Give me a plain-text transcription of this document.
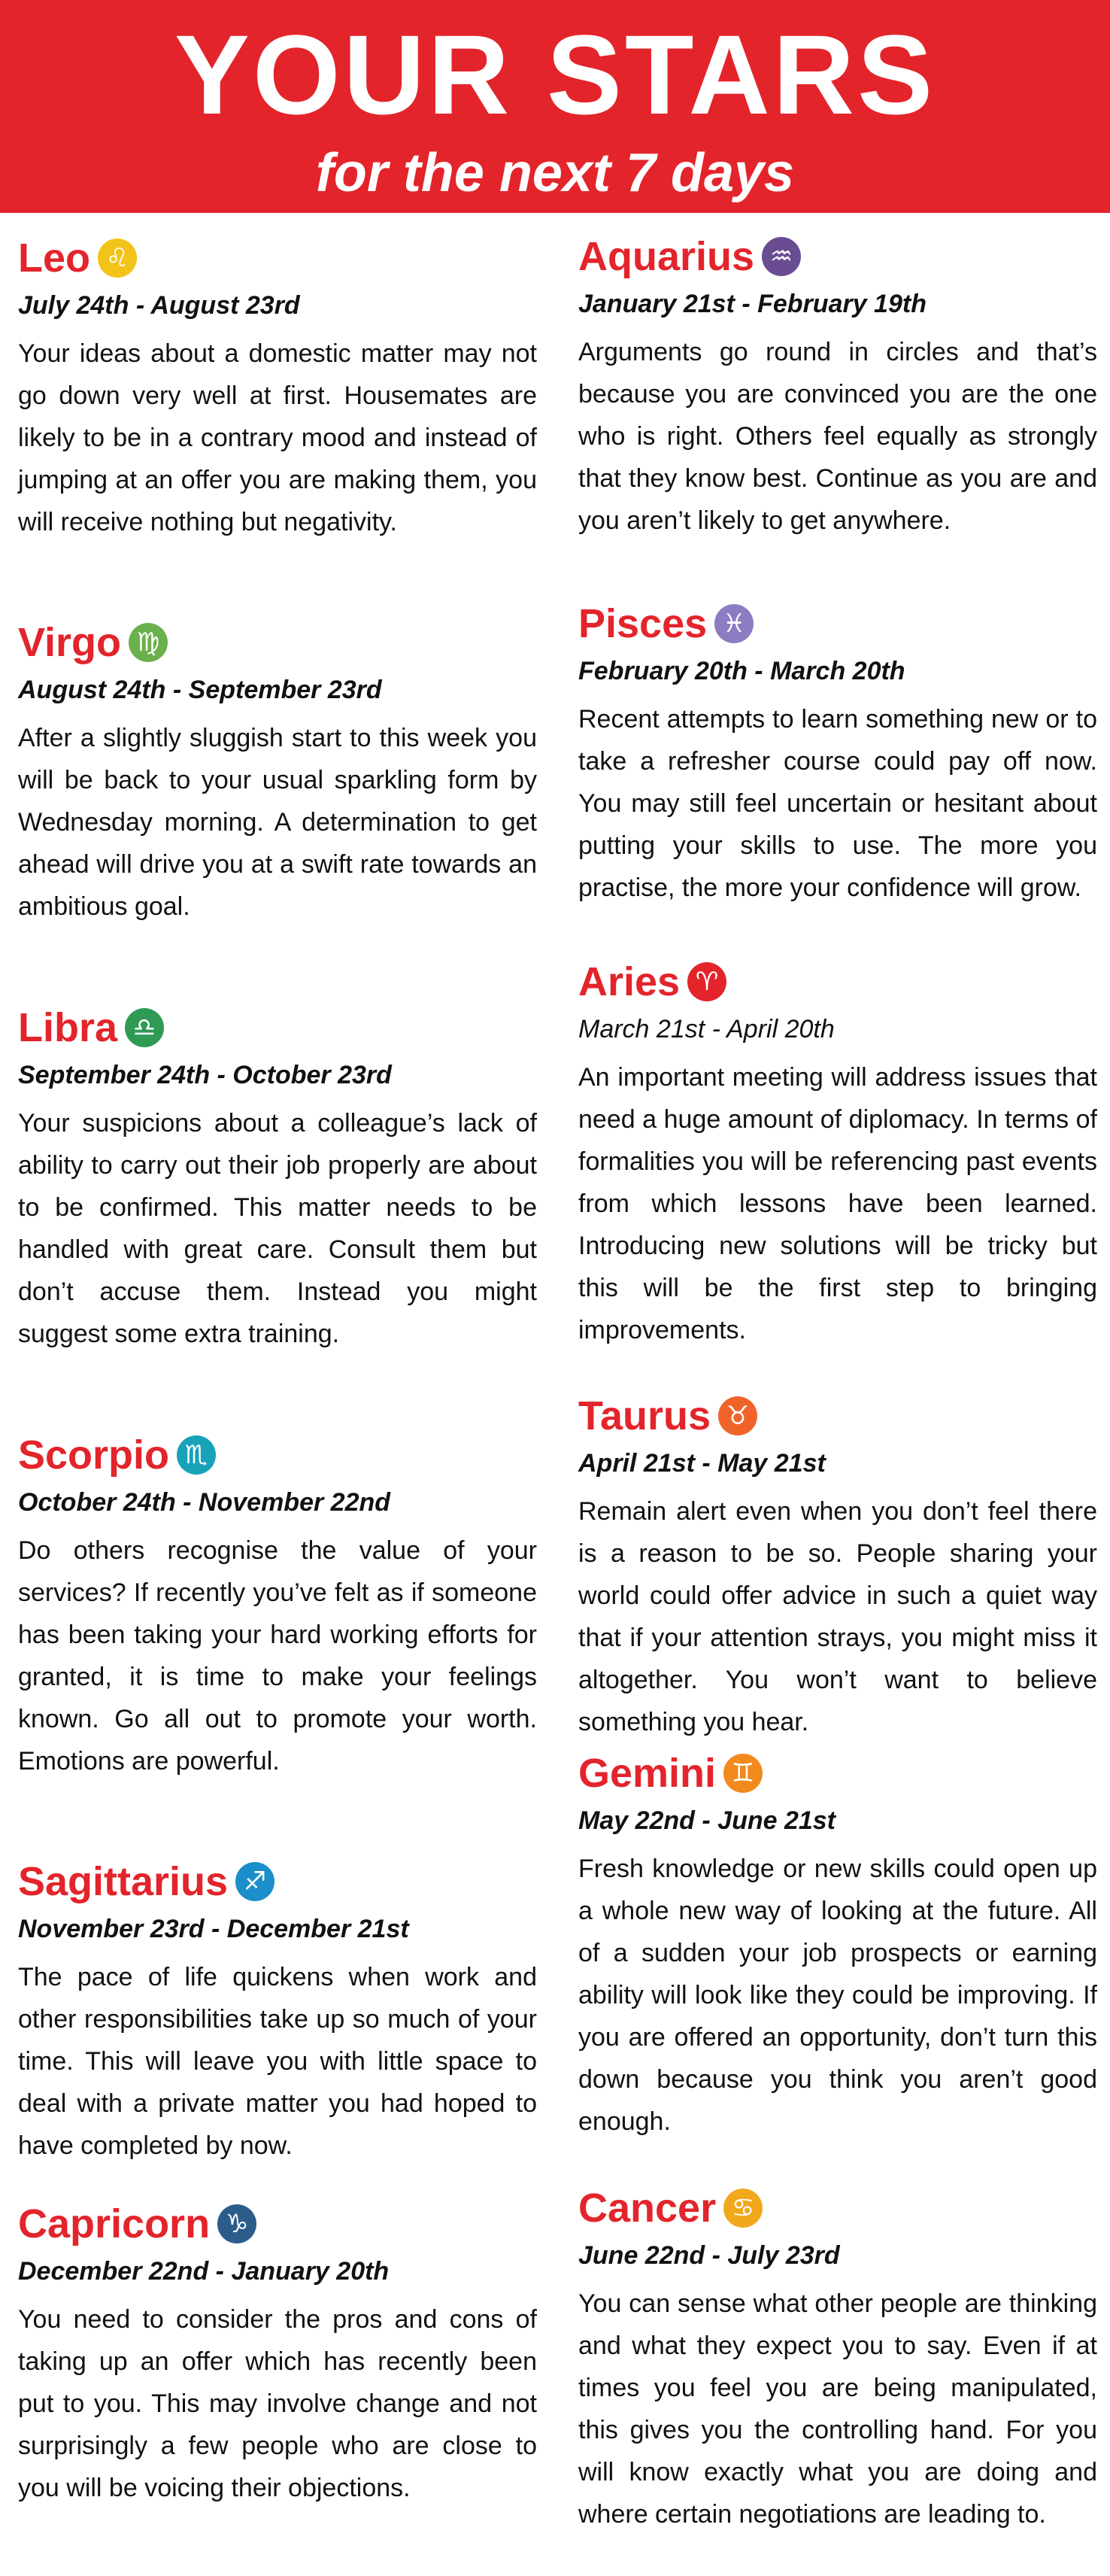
YOUR STARS
for the next 7 days
Leo ♌
July 24th - August 23rd
Your ideas about a domestic matter may not go down very well at first. Housemates are likely to be in a contrary mood and instead of jumping at an offer you are making them, you will receive nothing but negativity.
Virgo ♍
August 24th - September 23rd
After a slightly sluggish start to this week you will be back to your usual sparkling form by Wednesday morning. A determination to get ahead will drive you at a swift rate towards an ambitious goal.
Libra ♎
September 24th - October 23rd
Your suspicions about a colleague’s lack of ability to carry out their job properly are about to be confirmed. This matter needs to be handled with great care. Consult them but don’t accuse them. Instead you might suggest some extra training.
Scorpio ♏
October 24th - November 22nd
Do others recognise the value of your services? If recently you’ve felt as if someone has been taking your hard working efforts for granted, it is time to make your feelings known. Go all out to promote your worth. Emotions are powerful.
Sagittarius ♐
November 23rd - December 21st
The pace of life quickens when work and other responsibilities take up so much of your time. This will leave you with little space to deal with a private matter you had hoped to have completed by now.
Capricorn ♑
December 22nd - January 20th
You need to consider the pros and cons of taking up an offer which has recently been put to you. This may involve change and not surprisingly a few people who are close to you will be voicing their objections.
Aquarius ♒
January 21st - February 19th
Arguments go round in circles and that’s because you are convinced you are the one who is right. Others feel equally as strongly that they know best. Continue as you are and you aren’t likely to get anywhere.
Pisces ♓
February 20th - March 20th
Recent attempts to learn something new or to take a refresher course could pay off now. You may still feel uncertain or hesitant about putting your skills to use. The more you practise, the more your confidence will grow.
Aries ♈
March 21st - April 20th
An important meeting will address issues that need a huge amount of diplomacy. In terms of formalities you will be referencing past events from which lessons have been learned. Introducing new solutions will be tricky but this will be the first step to bringing improvements.
Taurus ♉
April 21st - May 21st
Remain alert even when you don’t feel there is a reason to be so. People sharing your world could offer advice in such a quiet way that if your attention strays, you might miss it altogether. You won’t want to believe something you hear.
Gemini ♊
May 22nd - June 21st
Fresh knowledge or new skills could open up a whole new way of looking at the future. All of a sudden your job prospects or earning ability will look like they could be improving. If you are offered an opportunity, don’t turn this down because you think you aren’t good enough.
Cancer ♋
June 22nd - July 23rd
You can sense what other people are thinking and what they expect you to say. Even if at times you feel you are being manipulated, this gives you the controlling hand. For you will know exactly what you are doing and where certain negotiations are leading to.
